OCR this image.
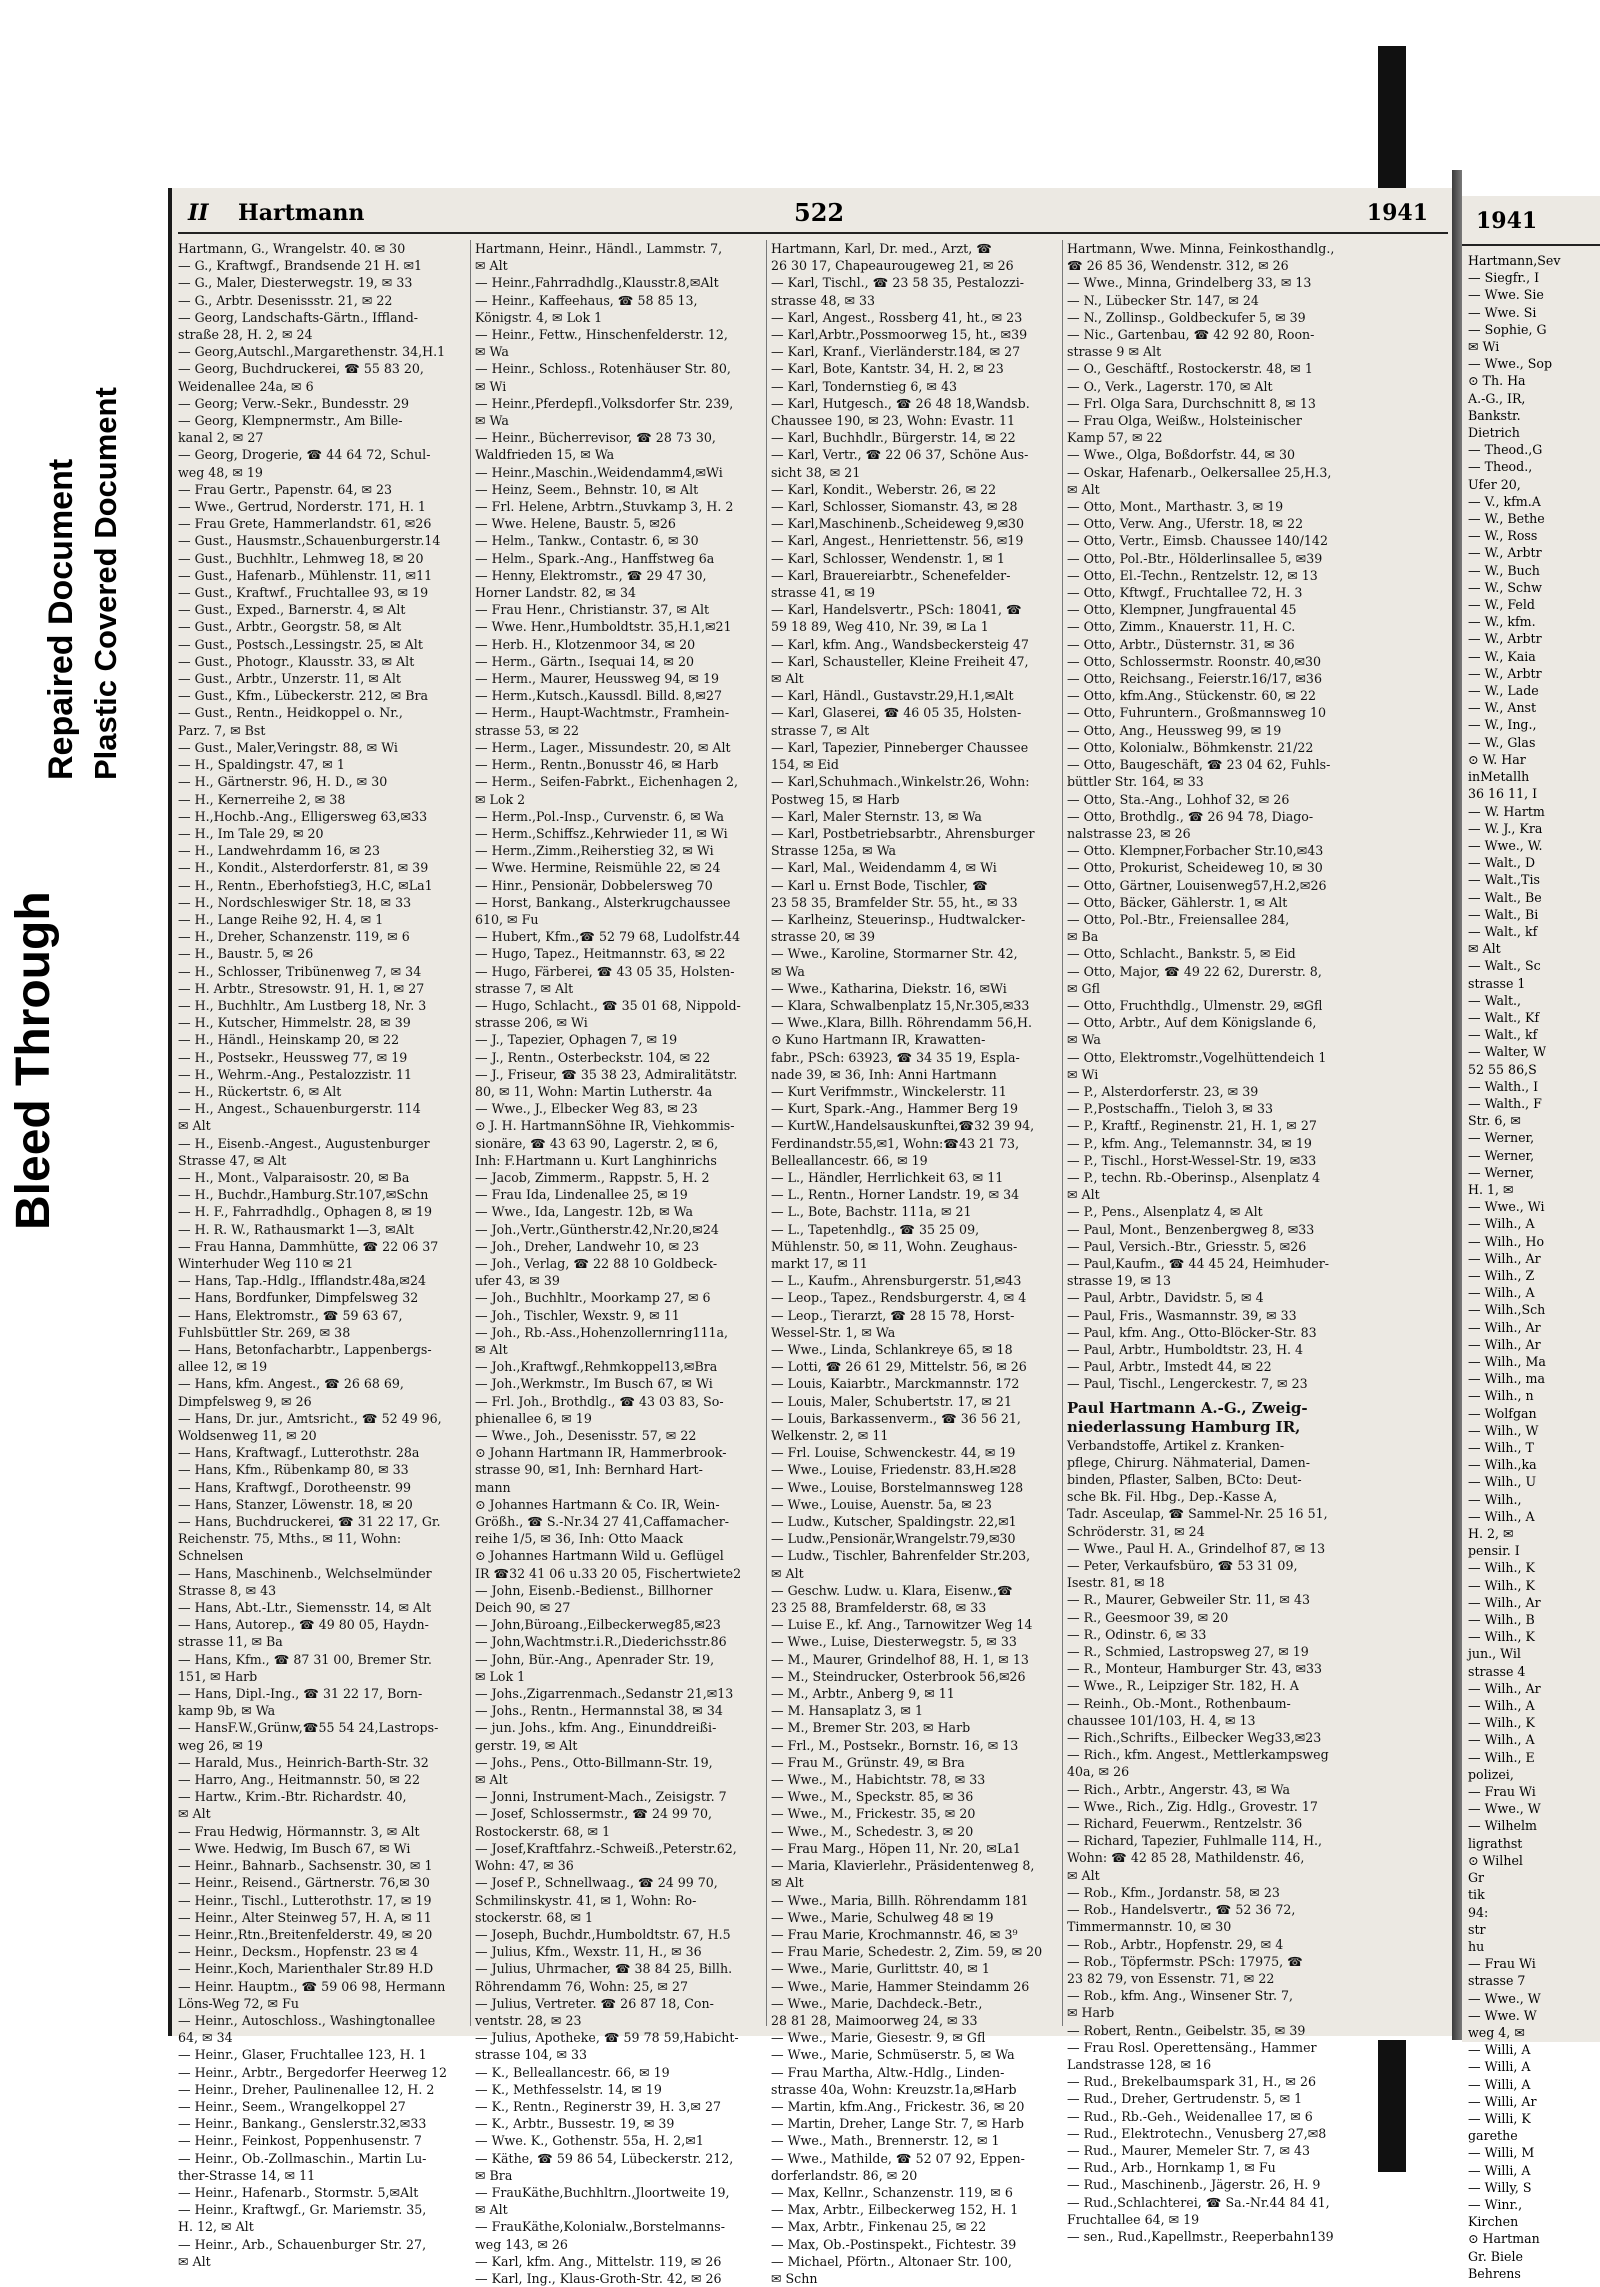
Bleed Through
Repaired Document Plastic Covered Document
II Hartmann	522	1941
Hartmann, G., Wrangelstr. 40. ✉ 30
— G., Kraftwgf., Brandsende 21 H. ✉1
— G., Maler, Diesterwegstr. 19, ✉ 33
— G., Arbtr. Desenissstr. 21, ✉ 22
— Georg, Landschafts-Gärtn., Iffland-
straße 28, H. 2, ✉ 24
— Georg,Autschl.,Margarethenstr. 34,H.1
— Georg, Buchdruckerei, ☎ 55 83 20,
Weidenallee 24a, ✉ 6
— Georg; Verw.-Sekr., Bundesstr. 29
— Georg, Klempnermstr., Am Bille-
kanal 2, ✉ 27
— Georg, Drogerie, ☎ 44 64 72, Schul-
weg 48, ✉ 19
— Frau Gertr., Papenstr. 64, ✉ 23
— Wwe., Gertrud, Norderstr. 171, H. 1
— Frau Grete, Hammerlandstr. 61, ✉26
— Gust., Hausmstr.,Schauenburgerstr.14
— Gust., Buchhltr., Lehmweg 18, ✉ 20
— Gust., Hafenarb., Mühlenstr. 11, ✉11
— Gust., Kraftwf., Fruchtallee 93, ✉ 19
— Gust., Exped., Barnerstr. 4, ✉ Alt
— Gust., Arbtr., Georgstr. 58, ✉ Alt
— Gust., Postsch.,Lessingstr. 25, ✉ Alt
— Gust., Photogr., Klausstr. 33, ✉ Alt
— Gust., Arbtr., Unzerstr. 11, ✉ Alt
— Gust., Kfm., Lübeckerstr. 212, ✉ Bra
— Gust., Rentn., Heidkoppel o. Nr.,
Parz. 7, ✉ Bst
— Gust., Maler,Veringstr. 88, ✉ Wi
— H., Spaldingstr. 47, ✉ 1
— H., Gärtnerstr. 96, H. D., ✉ 30
— H., Kernerreihe 2, ✉ 38
— H.,Hochb.-Ang., Elligersweg 63,✉33
— H., Im Tale 29, ✉ 20
— H., Landwehrdamm 16, ✉ 23
— H., Kondit., Alsterdorferstr. 81, ✉ 39
— H., Rentn., Eberhofstieg3, H.C, ✉La1
— H., Nordschleswiger Str. 18, ✉ 33
— H., Lange Reihe 92, H. 4, ✉ 1
— H., Dreher, Schanzenstr. 119, ✉ 6
— H., Baustr. 5, ✉ 26
— H., Schlosser, Tribünenweg 7, ✉ 34
— H. Arbtr., Stresowstr. 91, H. 1, ✉ 27
— H., Buchhltr., Am Lustberg 18, Nr. 3
— H., Kutscher, Himmelstr. 28, ✉ 39
— H., Händl., Heinskamp 20, ✉ 22
— H., Postsekr., Heussweg 77, ✉ 19
— H., Wehrm.-Ang., Pestalozzistr. 11
— H., Rückertstr. 6, ✉ Alt
— H., Angest., Schauenburgerstr. 114
✉ Alt
— H., Eisenb.-Angest., Augustenburger
Strasse 47, ✉ Alt
— H., Mont., Valparaisostr. 20, ✉ Ba
— H., Buchdr.,Hamburg.Str.107,✉Schn
— H. F., Fahrradhdlg., Ophagen 8, ✉ 19
— H. R. W., Rathausmarkt 1—3, ✉Alt
— Frau Hanna, Dammhütte, ☎ 22 06 37
Winterhuder Weg 110 ✉ 21
— Hans, Tap.-Hdlg., Ifflandstr.48a,✉24
— Hans, Bordfunker, Dimpfelsweg 32
— Hans, Elektromstr., ☎ 59 63 67,
Fuhlsbüttler Str. 269, ✉ 38
— Hans, Betonfacharbtr., Lappenbergs-
allee 12, ✉ 19
— Hans, kfm. Angest., ☎ 26 68 69,
Dimpfelsweg 9, ✉ 26
— Hans, Dr. jur., Amtsricht., ☎ 52 49 96,
Woldsenweg 11, ✉ 20
— Hans, Kraftwagf., Lutterothstr. 28a
— Hans, Kfm., Rübenkamp 80, ✉ 33
— Hans, Kraftwgf., Dorotheenstr. 99
— Hans, Stanzer, Löwenstr. 18, ✉ 20
— Hans, Buchdruckerei, ☎ 31 22 17, Gr.
Reichenstr. 75, Mths., ✉ 11, Wohn:
Schnelsen
— Hans, Maschinenb., Welchselmünder
Strasse 8, ✉ 43
— Hans, Abt.-Ltr., Siemensstr. 14, ✉ Alt
— Hans, Autorep., ☎ 49 80 05, Haydn-
strasse 11, ✉ Ba
— Hans, Kfm., ☎ 87 31 00, Bremer Str.
151, ✉ Harb
— Hans, Dipl.-Ing., ☎ 31 22 17, Born-
kamp 9b, ✉ Wa
— HansF.W.,Grünw,☎55 54 24,Lastrops-
weg 26, ✉ 19
— Harald, Mus., Heinrich-Barth-Str. 32
— Harro, Ang., Heitmannstr. 50, ✉ 22
— Hartw., Krim.-Btr. Richardstr. 40,
✉ Alt
— Frau Hedwig, Hörmannstr. 3, ✉ Alt
— Wwe. Hedwig, Im Busch 67, ✉ Wi
— Heinr., Bahnarb., Sachsenstr. 30, ✉ 1
— Heinr., Reisend., Gärtnerstr. 76,✉ 30
— Heinr., Tischl., Lutterothstr. 17, ✉ 19
— Heinr., Alter Steinweg 57, H. A, ✉ 11
— Heinr.,Rtn.,Breitenfelderstr. 49, ✉ 20
— Heinr., Decksm., Hopfenstr. 23 ✉ 4
— Heinr.,Koch, Marienthaler Str.89 H.D
— Heinr. Hauptm., ☎ 59 06 98, Hermann
Löns-Weg 72, ✉ Fu
— Heinr., Autoschloss., Washingtonallee
64, ✉ 34
— Heinr., Glaser, Fruchtallee 123, H. 1
— Heinr., Arbtr., Bergedorfer Heerweg 12
— Heinr., Dreher, Paulinenallee 12, H. 2
— Heinr., Seem., Wrangelkoppel 27
— Heinr., Bankang., Genslerstr.32,✉33
— Heinr., Feinkost, Poppenhusenstr. 7
— Heinr., Ob.-Zollmaschin., Martin Lu-
ther-Strasse 14, ✉ 11
— Heinr., Hafenarb., Stormstr. 5,✉Alt
— Heinr., Kraftwgf., Gr. Mariemstr. 35,
H. 12, ✉ Alt
— Heinr., Arb., Schauenburger Str. 27,
✉ Alt
Hartmann, Heinr., Händl., Lammstr. 7,
✉ Alt
— Heinr.,Fahrradhdlg.,Klausstr.8,✉Alt
— Heinr., Kaffeehaus, ☎ 58 85 13,
Königstr. 4, ✉ Lok 1
— Heinr., Fettw., Hinschenfelderstr. 12,
✉ Wa
— Heinr., Schloss., Rotenhäuser Str. 80,
✉ Wi
— Heinr.,Pferdepfl.,Volksdorfer Str. 239,
✉ Wa
— Heinr., Bücherrevisor, ☎ 28 73 30,
Waldfrieden 15, ✉ Wa
— Heinr.,Maschin.,Weidendamm4,✉Wi
— Heinz, Seem., Behnstr. 10, ✉ Alt
— Frl. Helene, Arbtrn.,Stuvkamp 3, H. 2
— Wwe. Helene, Baustr. 5, ✉26
— Helm., Tankw., Contastr. 6, ✉ 30
— Helm., Spark.-Ang., Hanffstweg 6a
— Henny, Elektromstr., ☎ 29 47 30,
Horner Landstr. 82, ✉ 34
— Frau Henr., Christianstr. 37, ✉ Alt
— Wwe. Henr.,Humboldtstr. 35,H.1,✉21
— Herb. H., Klotzenmoor 34, ✉ 20
— Herm., Gärtn., Isequai 14, ✉ 20
— Herm., Maurer, Heussweg 94, ✉ 19
— Herm.,Kutsch.,Kaussdl. Billd. 8,✉27
— Herm., Haupt-Wachtmstr., Framhein-
strasse 53, ✉ 22
— Herm., Lager., Missundestr. 20, ✉ Alt
— Herm., Rentn.,Bonusstr 46, ✉ Harb
— Herm., Seifen-Fabrkt., Eichenhagen 2,
✉ Lok 2
— Herm.,Pol.-Insp., Curvenstr. 6, ✉ Wa
— Herm.,Schiffsz.,Kehrwieder 11, ✉ Wi
— Herm.,Zimm.,Reiherstieg 32, ✉ Wi
— Wwe. Hermine, Reismühle 22, ✉ 24
— Hinr., Pensionär, Dobbelersweg 70
— Horst, Bankang., Alsterkrugchaussee
610, ✉ Fu
— Hubert, Kfm.,☎ 52 79 68, Ludolfstr.44
— Hugo, Tapez., Heitmannstr. 63, ✉ 22
— Hugo, Färberei, ☎ 43 05 35, Holsten-
strasse 7, ✉ Alt
— Hugo, Schlacht., ☎ 35 01 68, Nippold-
strasse 206, ✉ Wi
— J., Tapezier, Ophagen 7, ✉ 19
— J., Rentn., Osterbeckstr. 104, ✉ 22
— J., Friseur, ☎ 35 38 23, Admiralitätstr.
80, ✉ 11, Wohn: Martin Lutherstr. 4a
— Wwe., J., Elbecker Weg 83, ✉ 23
⊙ J. H. HartmannSöhne IR, Viehkommis-
sionäre, ☎ 43 63 90, Lagerstr. 2, ✉ 6,
Inh: F.Hartmann u. Kurt Langhinrichs
— Jacob, Zimmerm., Rappstr. 5, H. 2
— Frau Ida, Lindenallee 25, ✉ 19
— Wwe., Ida, Langestr. 12b, ✉ Wa
— Joh.,Vertr.,Güntherstr.42,Nr.20,✉24
— Joh., Dreher, Landwehr 10, ✉ 23
— Joh., Verlag, ☎ 22 88 10 Goldbeck-
ufer 43, ✉ 39
— Joh., Buchhltr., Moorkamp 27, ✉ 6
— Joh., Tischler, Wexstr. 9, ✉ 11
— Joh., Rb.-Ass.,Hohenzollernring111a,
✉ Alt
— Joh.,Kraftwgf.,Rehmkoppel13,✉Bra
— Joh.,Werkmstr., Im Busch 67, ✉ Wi
— Frl. Joh., Brothdlg., ☎ 43 03 83, So-
phienallee 6, ✉ 19
— Wwe., Joh., Desenisstr. 57, ✉ 22
⊙ Johann Hartmann IR, Hammerbrook-
strasse 90, ✉1, Inh: Bernhard Hart-
mann
⊙ Johannes Hartmann & Co. IR, Wein-
Größh., ☎ S.-Nr.34 27 41,Caffamacher-
reihe 1/5, ✉ 36, Inh: Otto Maack
⊙ Johannes Hartmann Wild u. Geflügel
IR ☎32 41 06 u.33 20 05, Fischertwiete2
— John, Eisenb.-Bedienst., Billhorner
Deich 90, ✉ 27
— John,Büroang.,Eilbeckerweg85,✉23
— John,Wachtmstr.i.R.,Diederichsstr.86
— John, Bür.-Ang., Apenrader Str. 19,
✉ Lok 1
— Johs.,Zigarrenmach.,Sedanstr 21,✉13
— Johs., Rentn., Hermannstal 38, ✉ 34
— jun. Johs., kfm. Ang., Einunddreißi-
gerstr. 19, ✉ Alt
— Johs., Pens., Otto-Billmann-Str. 19,
✉ Alt
— Jonni, Instrument-Mach., Zeisigstr. 7
— Josef, Schlossermstr., ☎ 24 99 70,
Rostockerstr. 68, ✉ 1
— Josef,Kraftfahrz.-Schweiß.,Peterstr.62,
Wohn: 47, ✉ 36
— Josef P., Schnellwaag., ☎ 24 99 70,
Schmilinskystr. 41, ✉ 1, Wohn: Ro-
stockerstr. 68, ✉ 1
— Joseph, Buchdr.,Humboldtstr. 67, H.5
— Julius, Kfm., Wexstr. 11, H., ✉ 36
— Julius, Uhrmacher, ☎ 38 84 25, Billh.
Röhrendamm 76, Wohn: 25, ✉ 27
— Julius, Vertreter. ☎ 26 87 18, Con-
ventstr. 28, ✉ 23
— Julius, Apotheke, ☎ 59 78 59,Habicht-
strasse 104, ✉ 33
— K., Belleallancestr. 66, ✉ 19
— K., Methfesselstr. 14, ✉ 19
— K., Rentn., Reginerstr 39, H. 3,✉ 27
— K., Arbtr., Bussestr. 19, ✉ 39
— Wwe. K., Gothenstr. 55a, H. 2,✉1
— Käthe, ☎ 59 86 54, Lübeckerstr. 212,
✉ Bra
— FrauKäthe,Buchhltrn.,Jloortweite 19,
✉ Alt
— FrauKäthe,Kolonialw.,Borstelmanns-
weg 143, ✉ 26
— Karl, kfm. Ang., Mittelstr. 119, ✉ 26
— Karl, Ing., Klaus-Groth-Str. 42, ✉ 26
Hartmann, Karl, Dr. med., Arzt, ☎
26 30 17, Chapeaurougeweg 21, ✉ 26
— Karl, Tischl., ☎ 23 58 35, Pestalozzi-
strasse 48, ✉ 33
— Karl, Angest., Rossberg 41, ht., ✉ 23
— Karl,Arbtr.,Possmoorweg 15, ht., ✉39
— Karl, Kranf., Vierländerstr.184, ✉ 27
— Karl, Bote, Kantstr. 34, H. 2, ✉ 23
— Karl, Tondernstieg 6, ✉ 43
— Karl, Hutgesch., ☎ 26 48 18,Wandsb.
Chaussee 190, ✉ 23, Wohn: Evastr. 11
— Karl, Buchhdlr., Bürgerstr. 14, ✉ 22
— Karl, Vertr., ☎ 22 06 37, Schöne Aus-
sicht 38, ✉ 21
— Karl, Kondit., Weberstr. 26, ✉ 22
— Karl, Schlosser, Siomanstr. 43, ✉ 28
— Karl,Maschinenb.,Scheideweg 9,✉30
— Karl, Angest., Henriettenstr. 56, ✉19
— Karl, Schlosser, Wendenstr. 1, ✉ 1
— Karl, Brauereiarbtr., Schenefelder-
strasse 41, ✉ 19
— Karl, Handelsvertr., PSch: 18041, ☎
59 18 89, Weg 410, Nr. 39, ✉ La 1
— Karl, kfm. Ang., Wandsbeckersteig 47
— Karl, Schausteller, Kleine Freiheit 47,
✉ Alt
— Karl, Händl., Gustavstr.29,H.1,✉Alt
— Karl, Glaserei, ☎ 46 05 35, Holsten-
strasse 7, ✉ Alt
— Karl, Tapezier, Pinneberger Chaussee
154, ✉ Eid
— Karl,Schuhmach.,Winkelstr.26, Wohn:
Postweg 15, ✉ Harb
— Karl, Maler Sternstr. 13, ✉ Wa
— Karl, Postbetriebsarbtr., Ahrensburger
Strasse 125a, ✉ Wa
— Karl, Mal., Weidendamm 4, ✉ Wi
— Karl u. Ernst Bode, Tischler, ☎
23 58 35, Bramfelder Str. 55, ht., ✉ 33
— Karlheinz, Steuerinsp., Hudtwalcker-
strasse 20, ✉ 39
— Wwe., Karoline, Stormarner Str. 42,
✉ Wa
— Wwe., Katharina, Diekstr. 16, ✉Wi
— Klara, Schwalbenplatz 15,Nr.305,✉33
— Wwe.,Klara, Billh. Röhrendamm 56,H.
⊙ Kuno Hartmann IR, Krawatten-
fabr., PSch: 63923, ☎ 34 35 19, Esplа-
nade 39, ✉ 36, Inh: Anni Hartmann
— Kurt Verifmmstr., Winckelerstr. 11
— Kurt, Spark.-Ang., Hammer Berg 19
— KurtW.,Handelsauskunftei,☎32 39 94,
Ferdinandstr.55,✉1, Wohn:☎43 21 73,
Belleallancestr. 66, ✉ 19
— L., Händler, Herrlichkeit 63, ✉ 11
— L., Rentn., Horner Landstr. 19, ✉ 34
— L., Bote, Bachstr. 111a, ✉ 21
— L., Tapetenhdlg., ☎ 35 25 09,
Mühlenstr. 50, ✉ 11, Wohn. Zeughaus-
markt 17, ✉ 11
— L., Kaufm., Ahrensburgerstr. 51,✉43
— Leop., Tapez., Rendsburgerstr. 4, ✉ 4
— Leop., Tierarzt, ☎ 28 15 78, Horst-
Wessel-Str. 1, ✉ Wa
— Wwe., Linda, Schlankreye 65, ✉ 18
— Lotti, ☎ 26 61 29, Mittelstr. 56, ✉ 26
— Louis, Kaiarbtr., Marckmannstr. 172
— Louis, Maler, Schubertstr. 17, ✉ 21
— Louis, Barkassenverm., ☎ 36 56 21,
Welkenstr. 2, ✉ 11
— Frl. Louise, Schwenckestr. 44, ✉ 19
— Wwe., Louise, Friedenstr. 83,H.✉28
— Wwe., Louise, Borstelmannsweg 128
— Wwe., Louise, Auenstr. 5a, ✉ 23
— Ludw., Kutscher, Spaldingstr. 22,✉1
— Ludw.,Pensionär,Wrangelstr.79,✉30
— Ludw., Tischler, Bahrenfelder Str.203,
✉ Alt
— Geschw. Ludw. u. Klara, Eisenw.,☎
23 25 88, Bramfelderstr. 68, ✉ 33
— Luise E., kf. Ang., Tarnowitzer Weg 14
— Wwe., Luise, Diesterwegstr. 5, ✉ 33
— M., Maurer, Grindelhof 88, H. 1, ✉ 13
— M., Steindrucker, Osterbrook 56,✉26
— M., Arbtr., Anberg 9, ✉ 11
— M. Hansaplatz 3, ✉ 1
— M., Bremer Str. 203, ✉ Harb
— Frl., M., Postsekr., Bornstr. 16, ✉ 13
— Frau M., Grünstr. 49, ✉ Bra
— Wwe., M., Habichtstr. 78, ✉ 33
— Wwe., M., Speckstr. 85, ✉ 36
— Wwe., M., Frickestr. 35, ✉ 20
— Wwe., M., Schedestr. 3, ✉ 20
— Frau Marg., Höpen 11, Nr. 20, ✉La1
— Maria, Klavierlehr., Präsidentenweg 8,
✉ Alt
— Wwe., Maria, Billh. Röhrendamm 181
— Wwe., Marie, Schulweg 48 ✉ 19
— Frau Marie, Krochmannstr. 46, ✉ 3⁹
— Frau Marie, Schedestr. 2, Zim. 59, ✉ 20
— Wwe., Marie, Gurlittstr. 40, ✉ 1
— Wwe., Marie, Hammer Steindamm 26
— Wwe., Marie, Dachdeck.-Betr.,
28 81 28, Maimoorweg 24, ✉ 33
— Wwe., Marie, Giesestr. 9, ✉ Gfl
— Wwe., Marie, Schmüserstr. 5, ✉ Wa
— Frau Martha, Altw.-Hdlg., Linden-
strasse 40a, Wohn: Kreuzstr.1a,✉Harb
— Martin, kfm.Ang., Frickestr. 36, ✉ 20
— Martin, Dreher, Lange Str. 7, ✉ Harb
— Wwe., Math., Brennerstr. 12, ✉ 1
— Wwe., Mathilde, ☎ 52 07 92, Eppen-
dorferlandstr. 86, ✉ 20
— Max, Kellnr., Schanzenstr. 119, ✉ 6
— Max, Arbtr., Eilbeckerweg 152, H. 1
— Max, Arbtr., Finkenau 25, ✉ 22
— Max, Ob.-Postinspekt., Fichtestr. 39
— Michael, Pförtn., Altonaer Str. 100,
✉ Schn
Hartmann, Wwe. Minna, Feinkosthandlg.,
☎ 26 85 36, Wendenstr. 312, ✉ 26
— Wwe., Minna, Grindelberg 33, ✉ 13
— N., Lübecker Str. 147, ✉ 24
— N., Zollinsp., Goldbeckufer 5, ✉ 39
— Nic., Gartenbau, ☎ 42 92 80, Roon-
strasse 9 ✉ Alt
— O., Geschäftf., Rostockerstr. 48, ✉ 1
— O., Verk., Lagerstr. 170, ✉ Alt
— Frl. Olga Sara, Durchschnitt 8, ✉ 13
— Frau Olga, Weißw., Holsteinischer
Kamp 57, ✉ 22
— Wwe., Olga, Boßdorfstr. 44, ✉ 30
— Oskar, Hafenarb., Oelkersallee 25,H.3,
✉ Alt
— Otto, Mont., Marthastr. 3, ✉ 19
— Otto, Verw. Ang., Uferstr. 18, ✉ 22
— Otto, Vertr., Eimsb. Chaussee 140/142
— Otto, Pol.-Btr., Hölderlinsallee 5, ✉39
— Otto, El.-Techn., Rentzelstr. 12, ✉ 13
— Otto, Kftwgf., Fruchtallee 72, H. 3
— Otto, Klempner, Jungfrauental 45
— Otto, Zimm., Knauerstr. 11, H. C.
— Otto, Arbtr., Düsternstr. 31, ✉ 36
— Otto, Schlossermstr. Roonstr. 40,✉30
— Otto, Reichsang., Feierstr.16/17, ✉36
— Otto, kfm.Ang., Stückenstr. 60, ✉ 22
— Otto, Fuhruntern., Großmannsweg 10
— Otto, Ang., Heussweg 99, ✉ 19
— Otto, Kolonialw., Böhmkenstr. 21/22
— Otto, Baugeschäft, ☎ 23 04 62, Fuhls-
büttler Str. 164, ✉ 33
— Otto, Sta.-Ang., Lohhof 32, ✉ 26
— Otto, Brothdlg., ☎ 26 94 78, Diago-
nalstrasse 23, ✉ 26
— Otto. Klempner,Forbacher Str.10,✉43
— Otto, Prokurist, Scheideweg 10, ✉ 30
— Otto, Gärtner, Louisenweg57,H.2,✉26
— Otto, Bäcker, Gählerstr. 1, ✉ Alt
— Otto, Pol.-Btr., Freiensallee 284,
✉ Ba
— Otto, Schlacht., Bankstr. 5, ✉ Eid
— Otto, Major, ☎ 49 22 62, Durerstr. 8,
✉ Gfl
— Otto, Fruchthdlg., Ulmenstr. 29, ✉Gfl
— Otto, Arbtr., Auf dem Königslande 6,
✉ Wa
— Otto, Elektromstr.,Vogelhüttendeich 1
✉ Wi
— P., Alsterdorferstr. 23, ✉ 39
— P.,Postschaffn., Tieloh 3, ✉ 33
— P., Kraftf., Reginenstr. 21, H. 1, ✉ 27
— P., kfm. Ang., Telemannstr. 34, ✉ 19
— P., Tischl., Horst-Wessel-Str. 19, ✉33
— P., techn. Rb.-Oberinsp., Alsenplatz 4
✉ Alt
— P., Pens., Alsenplatz 4, ✉ Alt
— Paul, Mont., Benzenbergweg 8, ✉33
— Paul, Versich.-Btr., Griesstr. 5, ✉26
— Paul,Kaufm., ☎ 44 45 24, Heimhuder-
strasse 19, ✉ 13
— Paul, Arbtr., Davidstr. 5, ✉ 4
— Paul, Fris., Wasmannstr. 39, ✉ 33
— Paul, kfm. Ang., Otto-Blöcker-Str. 83
— Paul, Arbtr., Humboldtstr. 23, H. 4
— Paul, Arbtr., Imstedt 44, ✉ 22
— Paul, Tischl., Lengerckestr. 7, ✉ 23
Paul Hartmann A.-G., Zweig-
niederlassung Hamburg IR,
Verbandstoffe, Artikel z. Kranken-
pflege, Chirurg. Nähmaterial, Damen-
binden, Pflaster, Salben, BCto: Deut-
sche Bk. Fil. Hbg., Dep.-Kasse A,
Tadr. Asceulap, ☎ Sammel-Nr. 25 16 51,
Schröderstr. 31, ✉ 24
— Wwe., Paul H. A., Grindelhof 87, ✉ 13
— Peter, Verkaufsbüro, ☎ 53 31 09,
Isestr. 81, ✉ 18
— R., Maurer, Gebweiler Str. 11, ✉ 43
— R., Geesmoor 39, ✉ 20
— R., Odinstr. 6, ✉ 33
— R., Schmied, Lastropsweg 27, ✉ 19
— R., Monteur, Hamburger Str. 43, ✉33
— Wwe., R., Leipziger Str. 182, H. A
— Reinh., Ob.-Mont., Rothenbaum-
chaussee 101/103, H. 4, ✉ 13
— Rich.,Schrifts., Eilbecker Weg33,✉23
— Rich., kfm. Angest., Mettlerkampsweg
40a, ✉ 26
— Rich., Arbtr., Angerstr. 43, ✉ Wa
— Wwe., Rich., Zig. Hdlg., Grovestr. 17
— Richard, Feuerwm., Rentzelstr. 36
— Richard, Tapezier, Fuhlmalle 114, H.,
Wohn: ☎ 42 85 28, Mathildenstr. 46,
✉ Alt
— Rob., Kfm., Jordanstr. 58, ✉ 23
— Rob., Handelsvertr., ☎ 52 36 72,
Timmermannstr. 10, ✉ 30
— Rob., Arbtr., Hopfenstr. 29, ✉ 4
— Rob., Töpfermstr. PSch: 17975, ☎
23 82 79, von Essenstr. 71, ✉ 22
— Rob., kfm. Ang., Winsener Str. 7,
✉ Harb
— Robert, Rentn., Geibelstr. 35, ✉ 39
— Frau Rosl. Operettensäng., Hammer
Landstrasse 128, ✉ 16
— Rud., Brekelbaumspark 31, H., ✉ 26
— Rud., Dreher, Gertrudenstr. 5, ✉ 1
— Rud., Rb.-Geh., Weidenallee 17, ✉ 6
— Rud., Elektrotechn., Venusberg 27,✉8
— Rud., Maurer, Memeler Str. 7, ✉ 43
— Rud., Arb., Hornkamp 1, ✉ Fu
— Rud., Maschinenb., Jägerstr. 26, H. 9
— Rud.,Schlachterei, ☎ Sa.-Nr.44 84 41,
Fruchtallee 64, ✉ 19
— sen., Rud.,Kapellmstr., Reeperbahn139
1941
Hartmann,Sev
— Siegfr., I
— Wwe. Sie
— Wwe. Si
— Sophie, G
✉ Wi
— Wwe., Sop
⊙ Th. Ha
A.-G., IR,
Bankstr.
Dietrich
— Theod.,G
— Theod.,
Ufer 20,
— V., kfm.A
— W., Bethe
— W., Ross
— W., Arbtr
— W., Buch
— W., Schw
— W., Feld
— W., kfm.
— W., Arbtr
— W., Kaia
— W., Arbtr
— W., Lade
— W., Anst
— W., Ing.,
— W., Glas
⊙ W. Har
inMetallh
36 16 11, I
— W. Hartm
— W. J., Kra
— Wwe., W.
— Walt., D
— Walt.,Tis
— Walt., Be
— Walt., Bi
— Walt., kf
✉ Alt
— Walt., Sc
strasse 1
— Walt.,
— Walt., Kf
— Walt., kf
— Walter, W
52 55 86,S
— Walth., I
— Walth., F
Str. 6, ✉
— Werner,
— Werner,
— Werner,
H. 1, ✉
— Wwe., Wi
— Wilh., A
— Wilh., Ho
— Wilh., Ar
— Wilh., Z
— Wilh., A
— Wilh.,Sch
— Wilh., Ar
— Wilh., Ar
— Wilh., Ma
— Wilh., ma
— Wilh., n
— Wolfgan
— Wilh., W
— Wilh., T
— Wilh.,ka
— Wilh., U
— Wilh.,
— Wilh., A
H. 2, ✉
pensir. I
— Wilh., K
— Wilh., K
— Wilh., Ar
— Wilh., B
— Wilh., K
jun., Wil
strasse 4
— Wilh., Ar
— Wilh., A
— Wilh., K
— Wilh., A
— Wilh., E
polizei,
— Frau Wi
— Wwe., W
— Wilhelm
ligrathst
⊙ Wilhel
Gr
tik
94:
str
hu
— Frau Wi
strasse 7
— Wwe., W
— Wwe. W
weg 4, ✉
— Willi, A
— Willi, A
— Willi, A
— Willi, Ar
— Willi, K
garethe
— Willi, M
— Willi, A
— Willy, S
— Winr.,
Kirchen
⊙ Hartman
Gr. Biele
Behrens
